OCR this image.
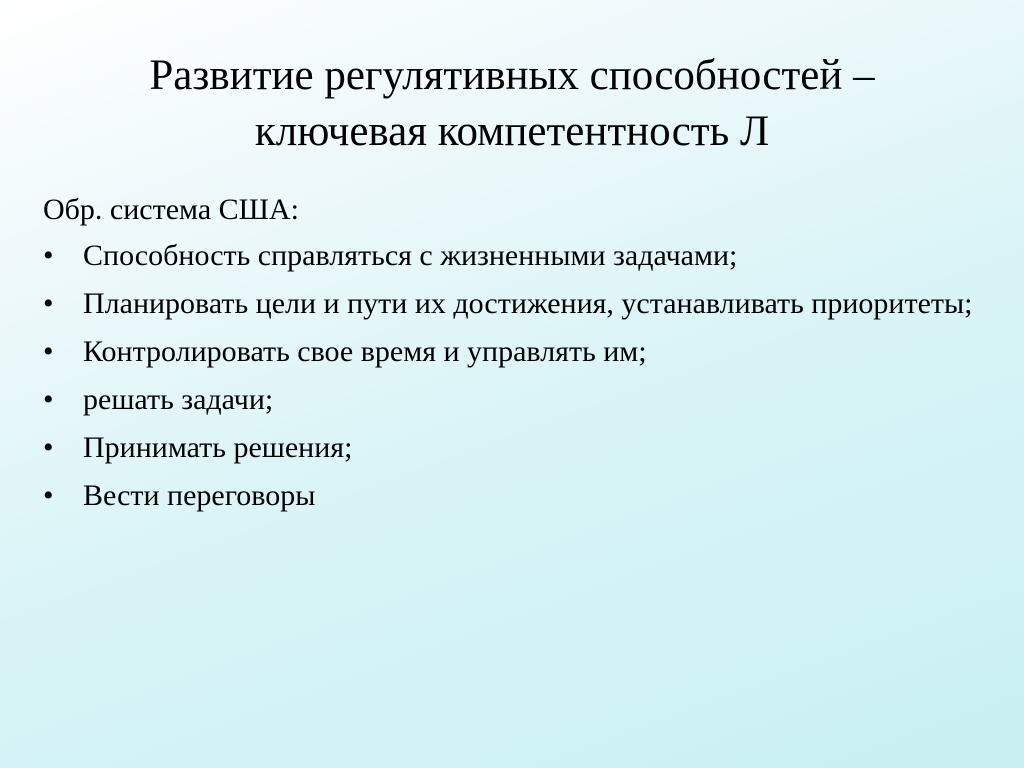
Развитие регулятивных способностей –
ключевая компетентность Л

Обр. система США:

• Способность справляться с жизненными задачами;
• Планировать цели и пути их достижения, устанавливать приоритеты;
• Контролировать свое время и управлять им;
• решать задачи;
• Принимать решения;
• Вести переговоры
